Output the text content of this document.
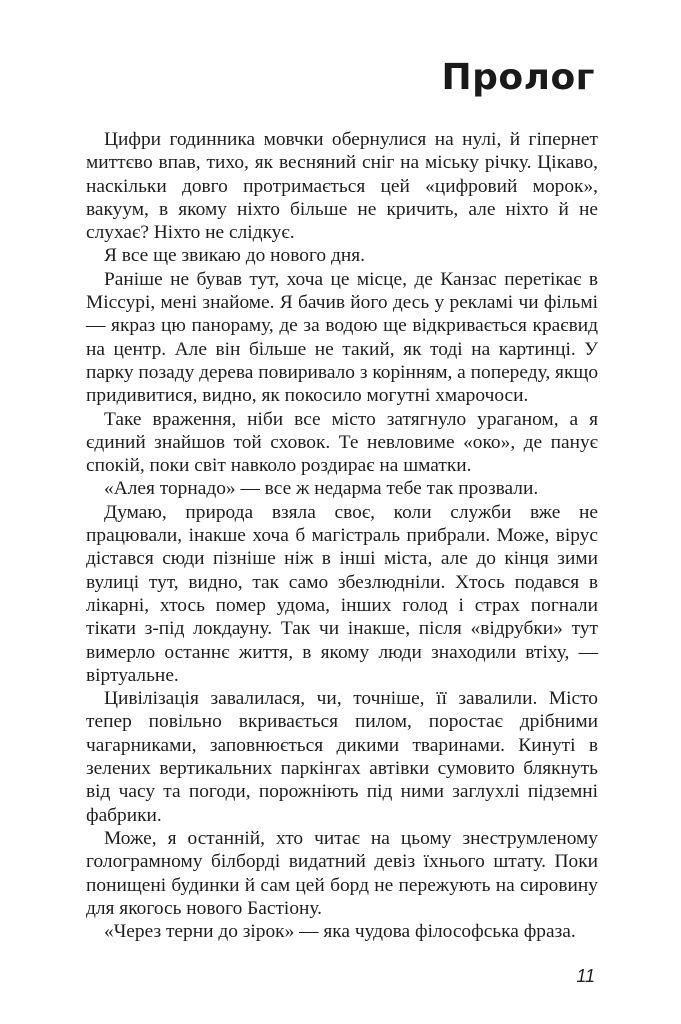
Пролог

Цифри годинника мовчки обернулися на нулі, й гіпернет миттєво впав, тихо, як весняний сніг на міську річку. Цікаво, наскільки довго протримається цей «цифровий морок», вакуум, в якому ніхто більше не кричить, але ніхто й не слухає? Ніхто не слідкує.

Я все ще звикаю до нового дня.

Раніше не бував тут, хоча це місце, де Канзас перетікає в Міссурі, мені знайоме. Я бачив його десь у рекламі чи фільмі — якраз цю панораму, де за водою ще відкривається краєвид на центр. Але він більше не такий, як тоді на картинці. У парку позаду дерева повиривало з корінням, а попереду, якщо придивитися, видно, як покосило могутні хмарочоси.

Таке враження, ніби все місто затягнуло ураганом, а я єдиний знайшов той сховок. Те невловиме «око», де панує спокій, поки світ навколо роздирає на шматки.

«Алея торнадо» — все ж недарма тебе так прозвали.

Думаю, природа взяла своє, коли служби вже не працювали, інакше хоча б магістраль прибрали. Може, вірус дістався сюди пізніше ніж в інші міста, але до кінця зими вулиці тут, видно, так само збезлюдніли. Хтось подався в лікарні, хтось помер удома, інших голод і страх погнали тікати з-під локдауну. Так чи інакше, після «відрубки» тут вимерло останнє життя, в якому люди знаходили втіху, — віртуальне.

Цивілізація завалилася, чи, точніше, її завалили. Місто тепер повільно вкривається пилом, поростає дрібними чагарниками, заповнюється дикими тваринами. Кинуті в зелених вертикальних паркінгах автівки сумовито блякнуть від часу та погоди, порожніють під ними заглухлі підземні фабрики.

Може, я останній, хто читає на цьому знеструмленому голограмному білборді видатний девіз їхнього штату. Поки понищені будинки й сам цей борд не пережують на сировину для якогось нового Бастіону.

«Через терни до зірок» — яка чудова філософська фраза.

11
